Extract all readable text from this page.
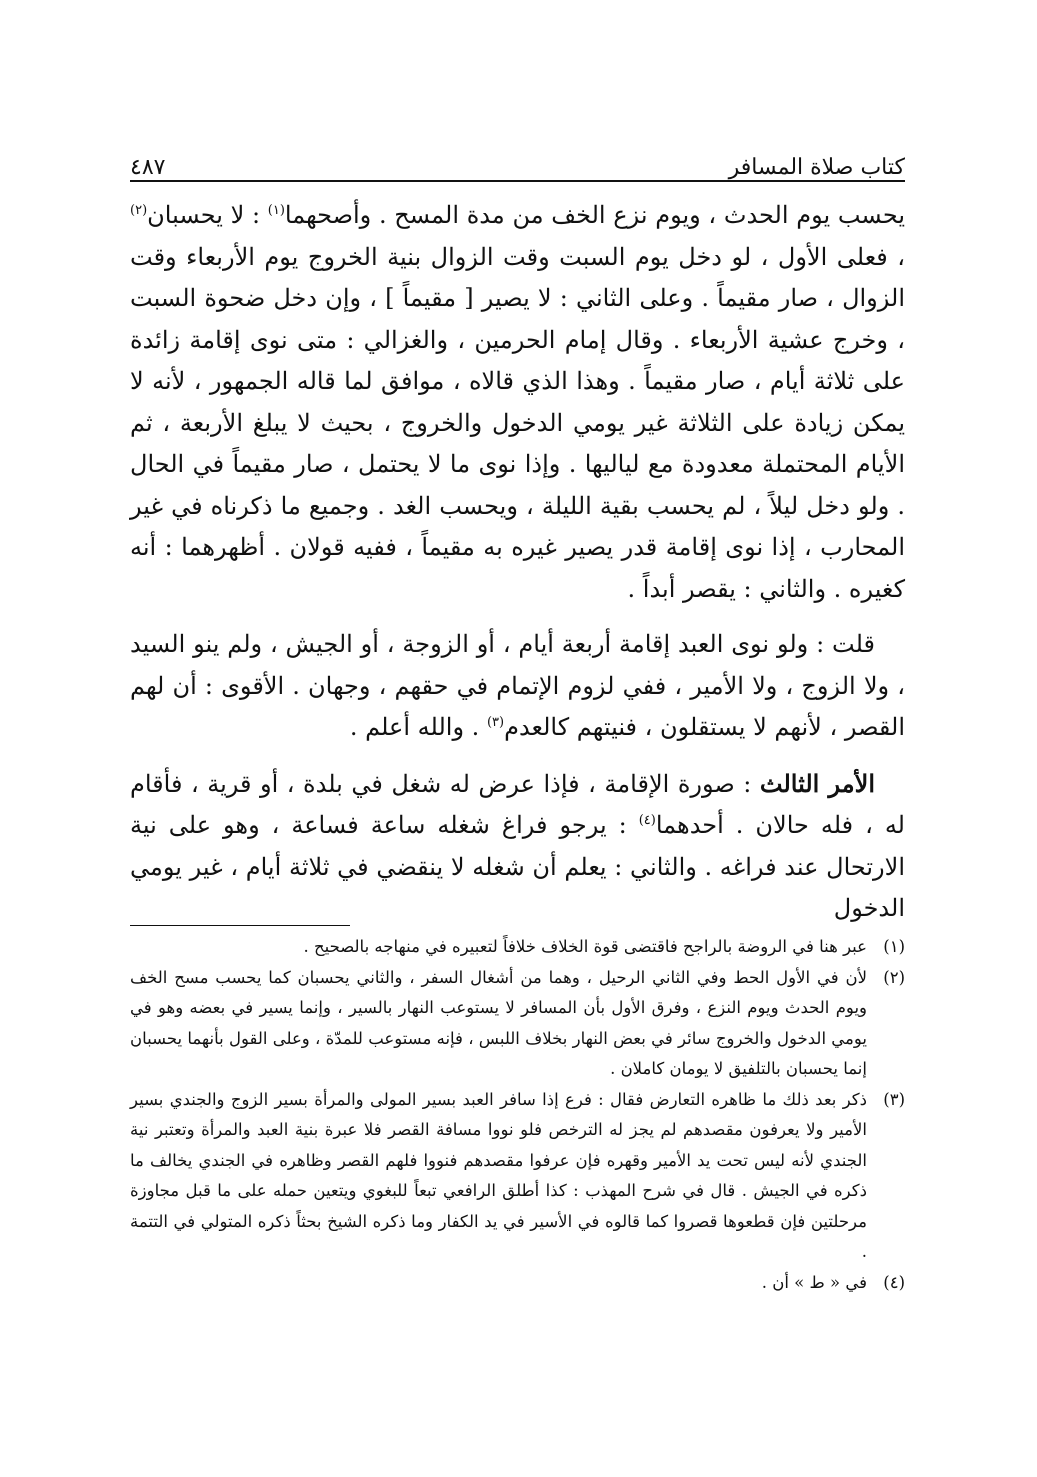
كتاب صلاة المسافر
٤٨٧

يحسب يوم الحدث ، ويوم نزع الخف من مدة المسح . وأصحهما$^{(١)}$ : لا يحسبان$^{(٢)}$ ، فعلى الأول ، لو دخل يوم السبت وقت الزوال بنية الخروج يوم الأربعاء وقت الزوال ، صار مقيماً . وعلى الثاني : لا يصير [ مقيماً ] ، وإن دخل ضحوة السبت ، وخرج عشية الأربعاء . وقال إمام الحرمين ، والغزالي : متى نوى إقامة زائدة على ثلاثة أيام ، صار مقيماً . وهذا الذي قالاه ، موافق لما قاله الجمهور ، لأنه لا يمكن زيادة على الثلاثة غير يومي الدخول والخروج ، بحيث لا يبلغ الأربعة ، ثم الأيام المحتملة معدودة مع لياليها . وإذا نوى ما لا يحتمل ، صار مقيماً في الحال . ولو دخل ليلاً ، لم يحسب بقية الليلة ، ويحسب الغد . وجميع ما ذكرناه في غير المحارب ، إذا نوى إقامة قدر يصير غيره به مقيماً ، ففيه قولان . أظهرهما : أنه كغيره . والثاني : يقصر أبداً .

قلت : ولو نوى العبد إقامة أربعة أيام ، أو الزوجة ، أو الجيش ، ولم ينو السيد ، ولا الزوج ، ولا الأمير ، ففي لزوم الإتمام في حقهم ، وجهان . الأقوى : أن لهم القصر ، لأنهم لا يستقلون ، فنيتهم كالعدم$^{(٣)}$ . والله أعلم .

الأمر الثالث : صورة الإقامة ، فإذا عرض له شغل في بلدة ، أو قرية ، فأقام له ، فله حالان . أحدهما$^{(٤)}$ : يرجو فراغ شغله ساعة فساعة ، وهو على نية الارتحال عند فراغه . والثاني : يعلم أن شغله لا ينقضي في ثلاثة أيام ، غير يومي الدخول

(١)
عبر هنا في الروضة بالراجح فاقتضى قوة الخلاف خلافاً لتعبيره في منهاجه بالصحيح .
(٢)
لأن في الأول الحط وفي الثاني الرحيل ، وهما من أشغال السفر ، والثاني يحسبان كما يحسب مسح الخف ويوم الحدث ويوم النزع ، وفرق الأول بأن المسافر لا يستوعب النهار بالسير ، وإنما يسير في بعضه وهو في يومي الدخول والخروج سائر في بعض النهار بخلاف اللبس ، فإنه مستوعب للمدّة ، وعلى القول بأنهما يحسبان إنما يحسبان بالتلفيق لا يومان كاملان .
(٣)
ذكر بعد ذلك ما ظاهره التعارض فقال : فرع إذا سافر العبد بسير المولى والمرأة بسير الزوج والجندي بسير الأمير ولا يعرفون مقصدهم لم يجز له الترخص فلو نووا مسافة القصر فلا عبرة بنية العبد والمرأة وتعتبر نية الجندي لأنه ليس تحت يد الأمير وقهره فإن عرفوا مقصدهم فنووا فلهم القصر وظاهره في الجندي يخالف ما ذكره في الجيش . قال في شرح المهذب : كذا أطلق الرافعي تبعاً للبغوي ويتعين حمله على ما قبل مجاوزة مرحلتين فإن قطعوها قصروا كما قالوه في الأسير في يد الكفار وما ذكره الشيخ بحثاً ذكره المتولي في التتمة .
(٤)
في « ط » أن .
